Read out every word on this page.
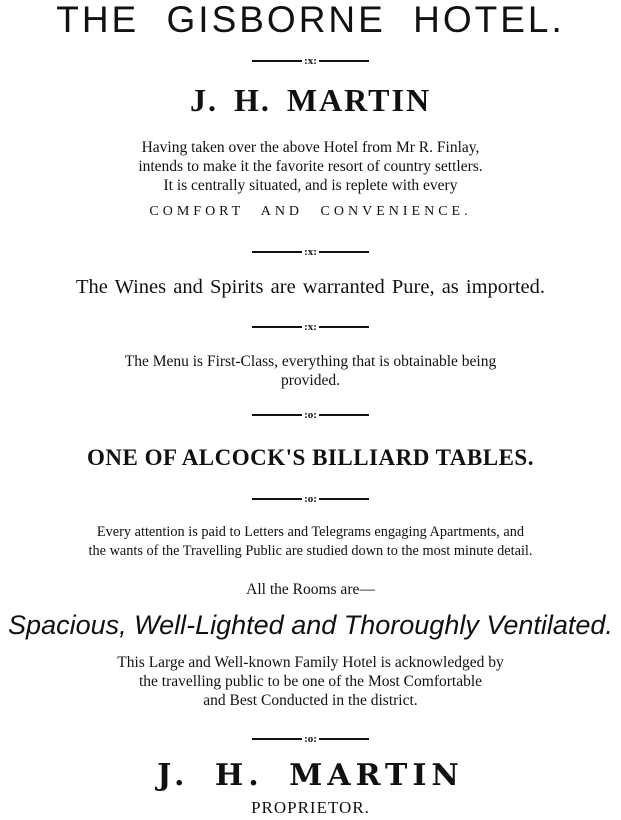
THE GISBORNE HOTEL.
:x:
J. H. MARTIN
Having taken over the above Hotel from Mr R. Finlay,
intends to make it the favorite resort of country settlers.
It is centrally situated, and is replete with every
COMFORT AND CONVENIENCE.
:x:
The Wines and Spirits are warranted Pure, as imported.
:x:
The Menu is First-Class, everything that is obtainable being
provided.
:o:
ONE OF ALCOCK'S BILLIARD TABLES.
:o:
Every attention is paid to Letters and Telegrams engaging Apartments, and
the wants of the Travelling Public are studied down to the most minute detail.
All the Rooms are—
Spacious, Well-Lighted and Thoroughly Ventilated.
This Large and Well-known Family Hotel is acknowledged by
the travelling public to be one of the Most Comfortable
and Best Conducted in the district.
:o:
J. H. MARTIN
PROPRIETOR.
